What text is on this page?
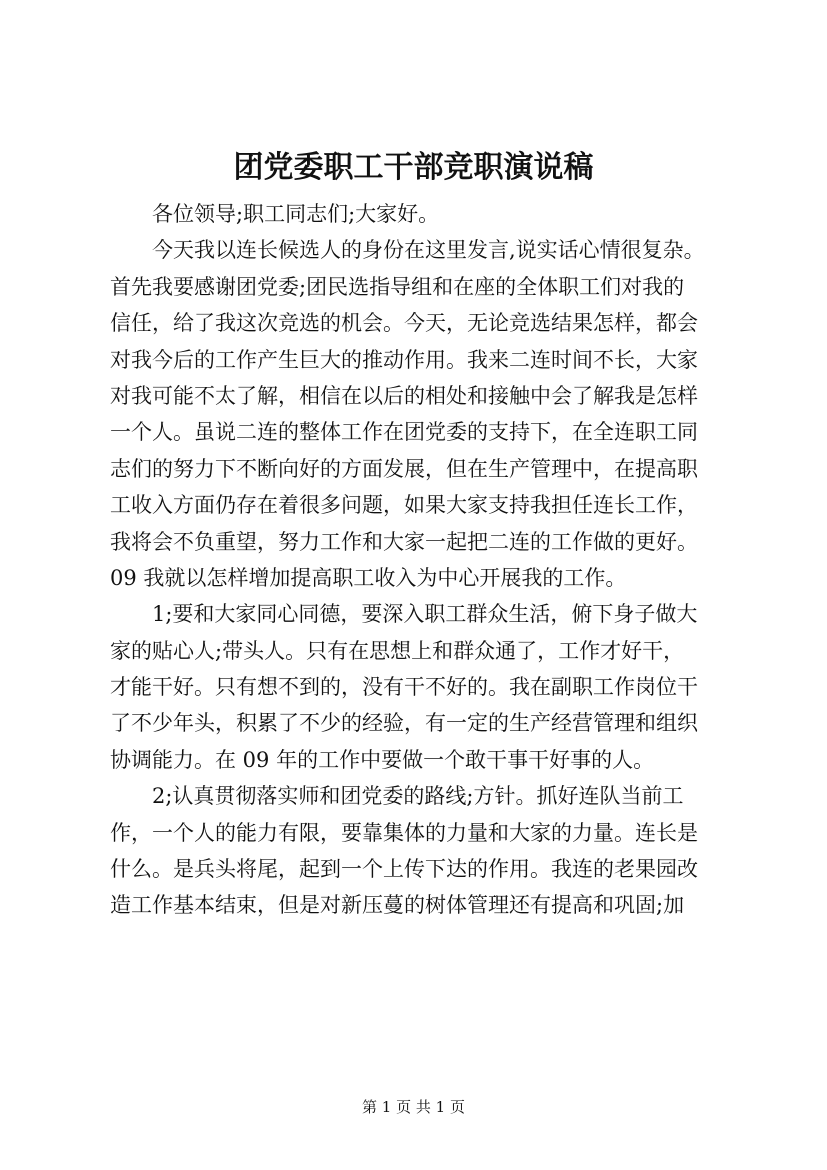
团党委职工干部竞职演说稿
各位领导;职工同志们;大家好。
今天我以连长候选人的身份在这里发言,说实话心情很复杂。
首先我要感谢团党委;团民选指导组和在座的全体职工们对我的
信任，给了我这次竞选的机会。今天，无论竞选结果怎样，都会
对我今后的工作产生巨大的推动作用。我来二连时间不长，大家
对我可能不太了解，相信在以后的相处和接触中会了解我是怎样
一个人。虽说二连的整体工作在团党委的支持下，在全连职工同
志们的努力下不断向好的方面发展，但在生产管理中，在提高职
工收入方面仍存在着很多问题，如果大家支持我担任连长工作，
我将会不负重望，努力工作和大家一起把二连的工作做的更好。
09 我就以怎样增加提高职工收入为中心开展我的工作。
1;要和大家同心同德，要深入职工群众生活，俯下身子做大
家的贴心人;带头人。只有在思想上和群众通了，工作才好干，
才能干好。只有想不到的，没有干不好的。我在副职工作岗位干
了不少年头，积累了不少的经验，有一定的生产经营管理和组织
协调能力。在 09 年的工作中要做一个敢干事干好事的人。
2;认真贯彻落实师和团党委的路线;方针。抓好连队当前工
作，一个人的能力有限，要靠集体的力量和大家的力量。连长是
什么。是兵头将尾，起到一个上传下达的作用。我连的老果园改
造工作基本结束，但是对新压蔓的树体管理还有提高和巩固;加
第 1 页 共 1 页
